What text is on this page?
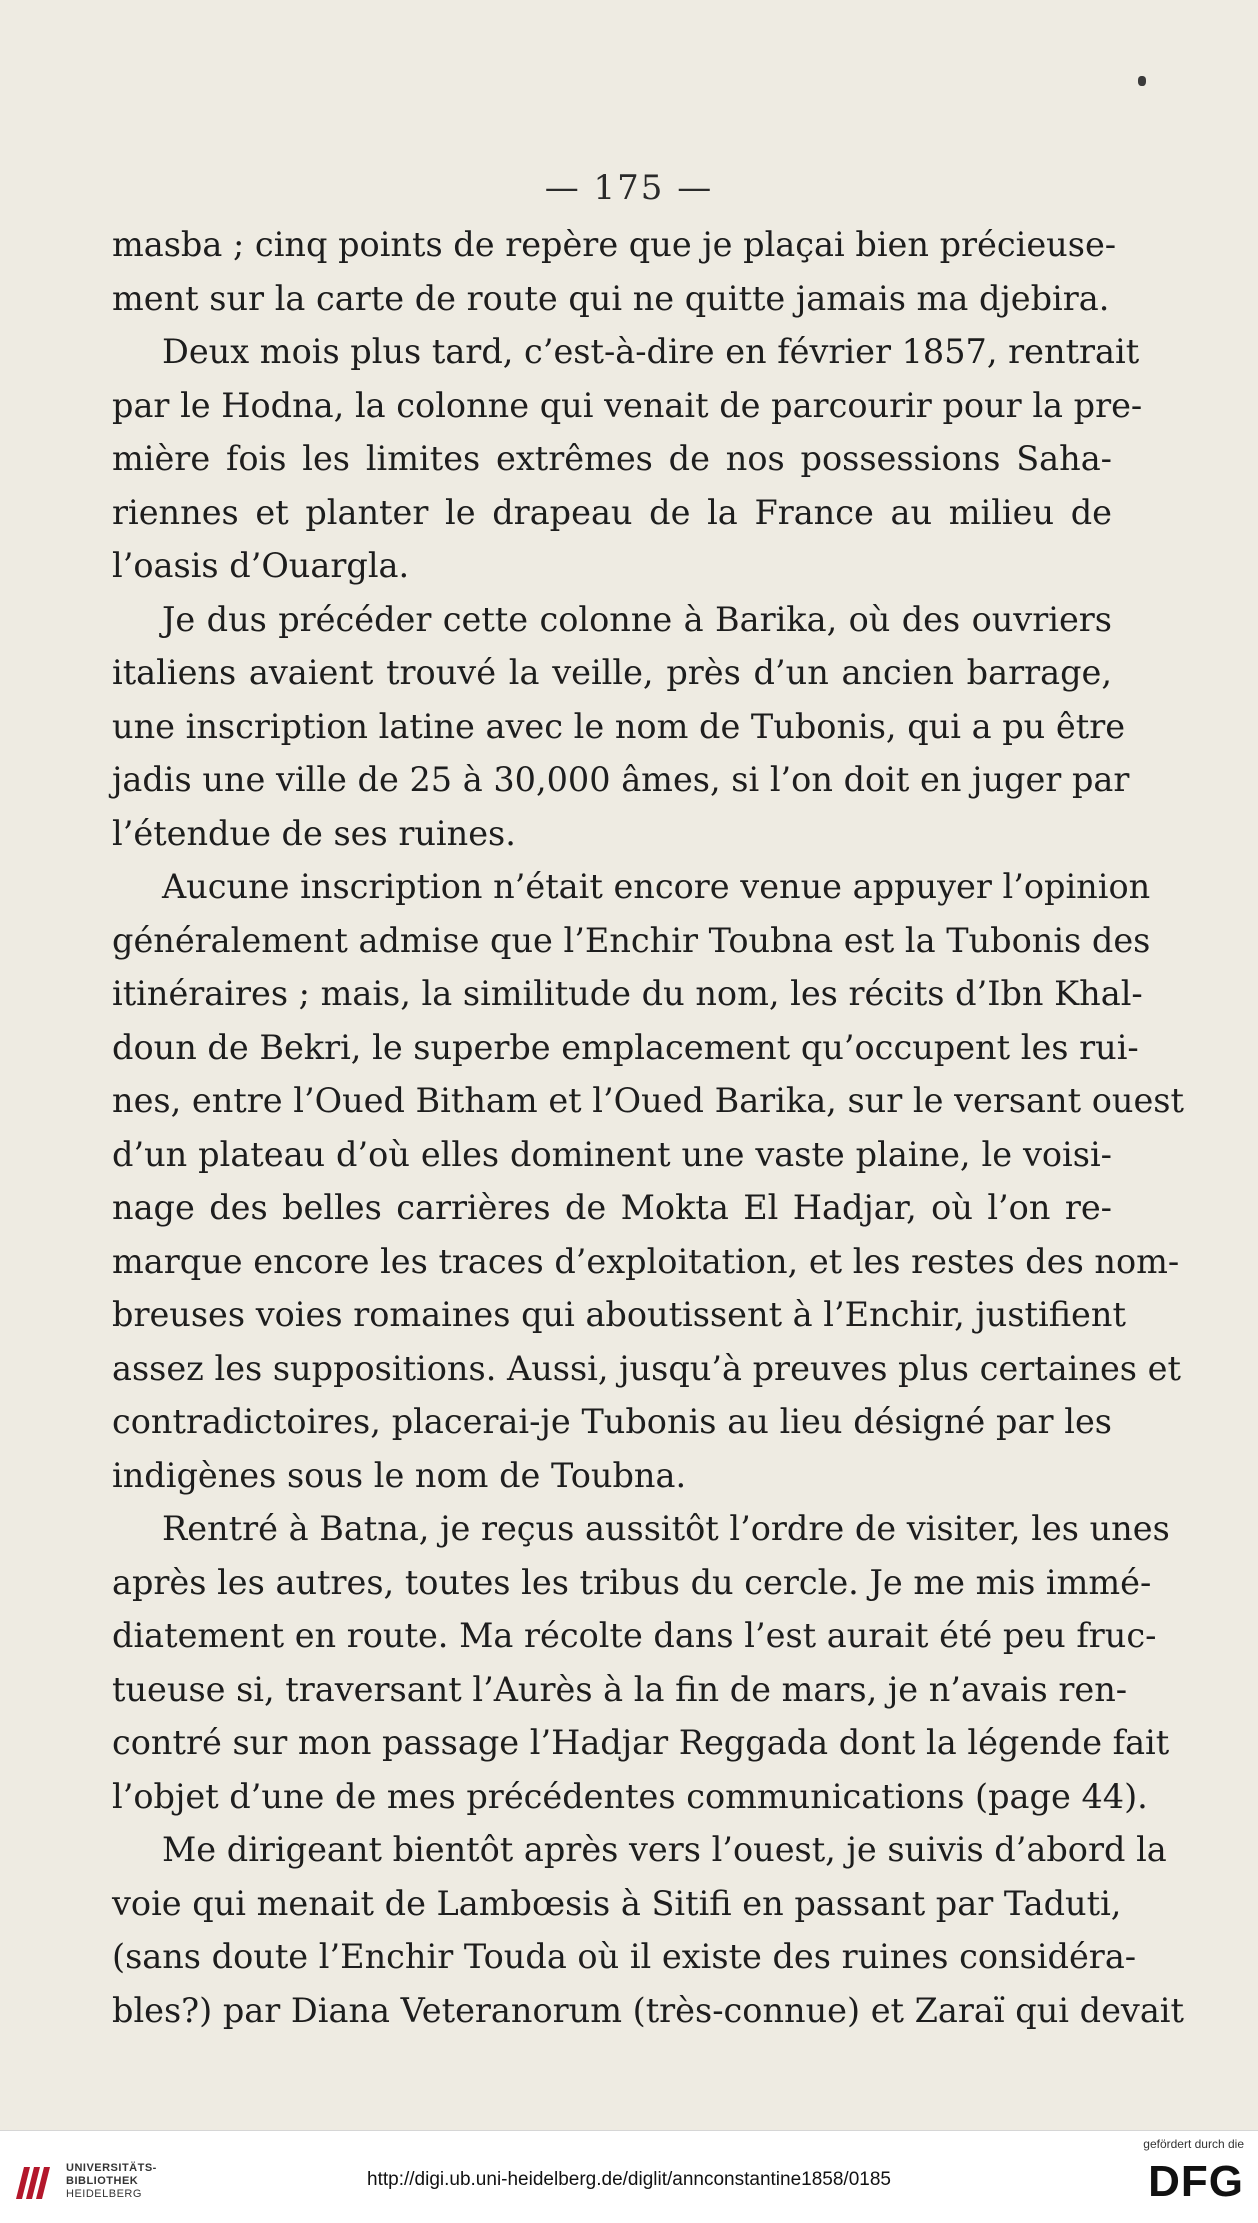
— 175 —
masba ; cinq points de repère que je plaçai bien précieuse-
ment sur la carte de route qui ne quitte jamais ma djebira.
Deux mois plus tard, c’est-à-dire en février 1857, rentrait
par le Hodna, la colonne qui venait de parcourir pour la pre-
mière fois les limites extrêmes de nos possessions Saha-
riennes et planter le drapeau de la France au milieu de
l’oasis d’Ouargla.
Je dus précéder cette colonne à Barika, où des ouvriers
italiens avaient trouvé la veille, près d’un ancien barrage,
une inscription latine avec le nom de Tubonis, qui a pu être
jadis une ville de 25 à 30,000 âmes, si l’on doit en juger par
l’étendue de ses ruines.
Aucune inscription n’était encore venue appuyer l’opinion
généralement admise que l’Enchir Toubna est la Tubonis des
itinéraires ; mais, la similitude du nom, les récits d’Ibn Khal-
doun de Bekri, le superbe emplacement qu’occupent les rui-
nes, entre l’Oued Bitham et l’Oued Barika, sur le versant ouest
d’un plateau d’où elles dominent une vaste plaine, le voisi-
nage des belles carrières de Mokta El Hadjar, où l’on re-
marque encore les traces d’exploitation, et les restes des nom-
breuses voies romaines qui aboutissent à l’Enchir, justifient
assez les suppositions. Aussi, jusqu’à preuves plus certaines et
contradictoires, placerai-je Tubonis au lieu désigné par les
indigènes sous le nom de Toubna.
Rentré à Batna, je reçus aussitôt l’ordre de visiter, les unes
après les autres, toutes les tribus du cercle. Je me mis immé-
diatement en route. Ma récolte dans l’est aurait été peu fruc-
tueuse si, traversant l’Aurès à la fin de mars, je n’avais ren-
contré sur mon passage l’Hadjar Reggada dont la légende fait
l’objet d’une de mes précédentes communications (page 44).
Me dirigeant bientôt après vers l’ouest, je suivis d’abord la
voie qui menait de Lambœsis à Sitifi en passant par Taduti,
(sans doute l’Enchir Touda où il existe des ruines considéra-
bles?) par Diana Veteranorum (très-connue) et Zaraï qui devait
UNIVERSITÄTS-
BIBLIOTHEK
HEIDELBERG
http://digi.ub.uni-heidelberg.de/diglit/annconstantine1858/0185
gefördert durch die
DFG
